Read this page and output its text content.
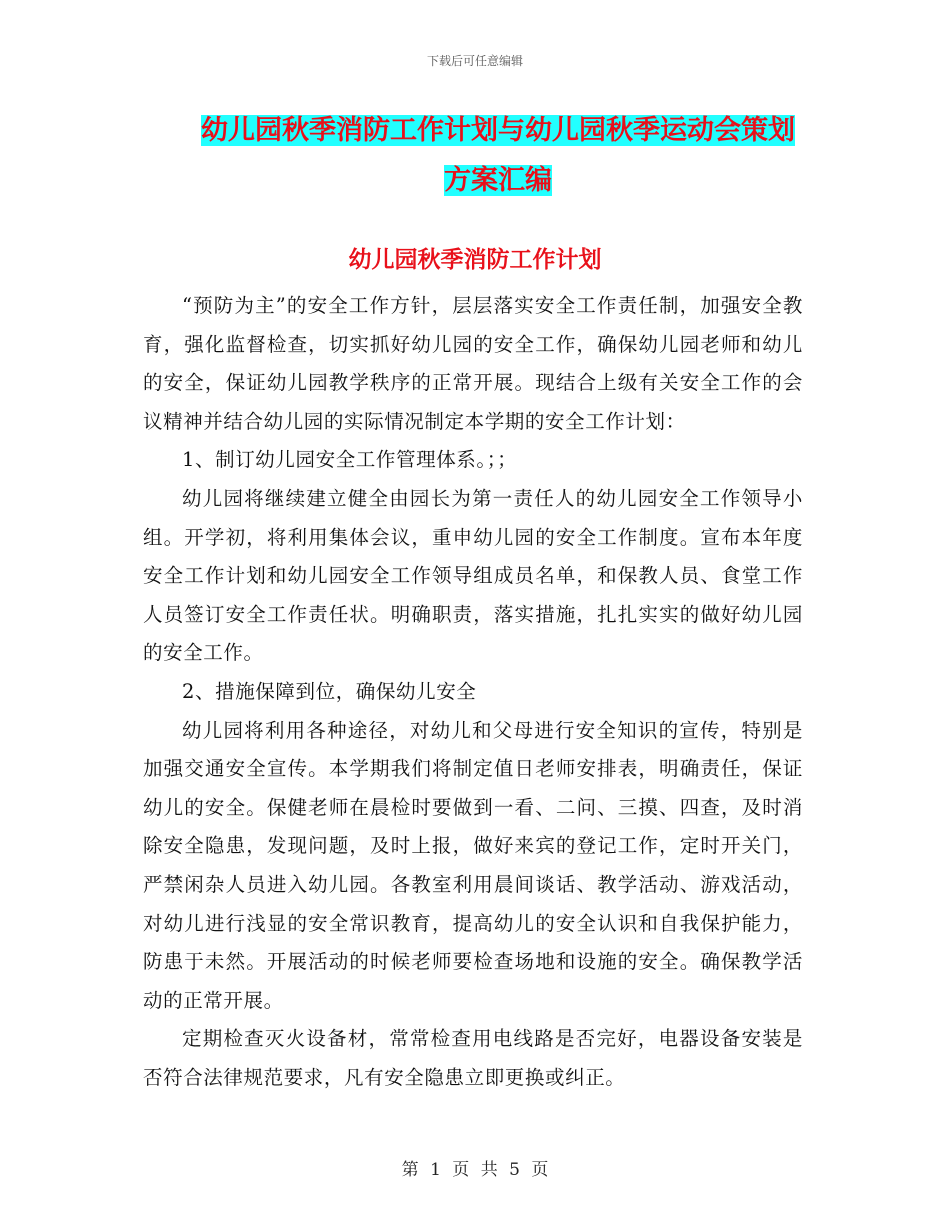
下载后可任意编辑
幼儿园秋季消防工作计划与幼儿园秋季运动会策划方案汇编
幼儿园秋季消防工作计划

“预防为主”的安全工作方针，层层落实安全工作责任制，加强安全教育，强化监督检查，切实抓好幼儿园的安全工作，确保幼儿园老师和幼儿的安全，保证幼儿园教学秩序的正常开展。现结合上级有关安全工作的会议精神并结合幼儿园的实际情况制定本学期的安全工作计划：

1、制订幼儿园安全工作管理体系。；；

幼儿园将继续建立健全由园长为第一责任人的幼儿园安全工作领导小组。开学初，将利用集体会议，重申幼儿园的安全工作制度。宣布本年度安全工作计划和幼儿园安全工作领导组成员名单，和保教人员、食堂工作人员签订安全工作责任状。明确职责，落实措施，扎扎实实的做好幼儿园的安全工作。

2、措施保障到位，确保幼儿安全

幼儿园将利用各种途径，对幼儿和父母进行安全知识的宣传，特别是加强交通安全宣传。本学期我们将制定值日老师安排表，明确责任，保证幼儿的安全。保健老师在晨检时要做到一看、二问、三摸、四查，及时消除安全隐患，发现问题，及时上报，做好来宾的登记工作，定时开关门，严禁闲杂人员进入幼儿园。各教室利用晨间谈话、教学活动、游戏活动，对幼儿进行浅显的安全常识教育，提高幼儿的安全认识和自我保护能力，防患于未然。开展活动的时候老师要检查场地和设施的安全。确保教学活动的正常开展。

定期检查灭火设备材，常常检查用电线路是否完好，电器设备安装是否符合法律规范要求，凡有安全隐患立即更换或纠正。

第 1 页 共 5 页
